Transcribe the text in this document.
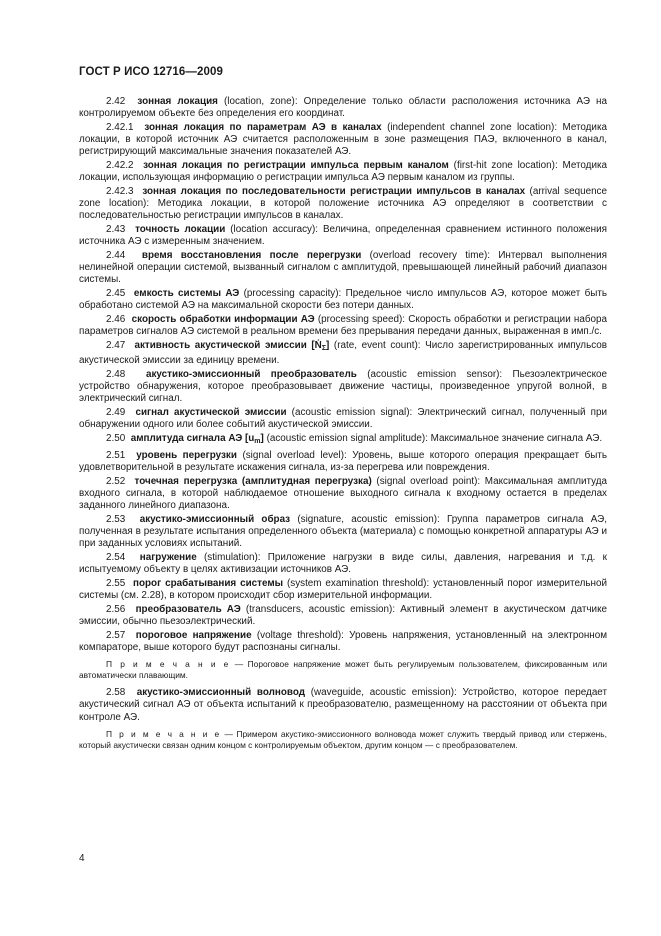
ГОСТ Р ИСО 12716—2009

2.42 зонная локация (location, zone): Определение только области расположения источника АЭ на контролируемом объекте без определения его координат.

2.42.1 зонная локация по параметрам АЭ в каналах (independent channel zone location): Методика локации, в которой источник АЭ считается расположенным в зоне размещения ПАЭ, включенного в канал, регистрирующий максимальные значения показателей АЭ.

2.42.2 зонная локация по регистрации импульса первым каналом (first-hit zone location): Методика локации, использующая информацию о регистрации импульса АЭ первым каналом из группы.

2.42.3 зонная локация по последовательности регистрации импульсов в каналах (arrival sequence zone location): Методика локации, в которой положение источника АЭ определяют в соответствии с последовательностью регистрации импульсов в каналах.

2.43 точность локации (location accuracy): Величина, определенная сравнением истинного положения источника АЭ с измеренным значением.

2.44 время восстановления после перегрузки (overload recovery time): Интервал выполнения нелинейной операции системой, вызванный сигналом с амплитудой, превышающей линейный рабочий диапазон системы.

2.45 емкость системы АЭ (processing capacity): Предельное число импульсов АЭ, которое может быть обработано системой АЭ на максимальной скорости без потери данных.

2.46 скорость обработки информации АЭ (processing speed): Скорость обработки и регистрации набора параметров сигналов АЭ системой в реальном времени без прерывания передачи данных, выраженная в имп./с.

2.47 активность акустической эмиссии [Ṅ$_\Sigma$] (rate, event count): Число зарегистрированных импульсов акустической эмиссии за единицу времени.

2.48 акустико-эмиссионный преобразователь (acoustic emission sensor): Пьезоэлектрическое устройство обнаружения, которое преобразовывает движение частицы, произведенное упругой волной, в электрический сигнал.

2.49 сигнал акустической эмиссии (acoustic emission signal): Электрический сигнал, полученный при обнаружении одного или более событий акустической эмиссии.

2.50 амплитуда сигнала АЭ $[u_m]$ (acoustic emission signal amplitude): Максимальное значение сигнала АЭ.

2.51 уровень перегрузки (signal overload level): Уровень, выше которого операция прекращает быть удовлетворительной в результате искажения сигнала, из-за перегрева или повреждения.

2.52 точечная перегрузка (амплитудная перегрузка) (signal overload point): Максимальная амплитуда входного сигнала, в которой наблюдаемое отношение выходного сигнала к входному остается в пределах заданного линейного диапазона.

2.53 акустико-эмиссионный образ (signature, acoustic emission): Группа параметров сигнала АЭ, полученная в результате испытания определенного объекта (материала) с помощью конкретной аппаратуры АЭ и при заданных условиях испытаний.

2.54 нагружение (stimulation): Приложение нагрузки в виде силы, давления, нагревания и т.д. к испытуемому объекту в целях активизации источников АЭ.

2.55 порог срабатывания системы (system examination threshold): установленный порог измерительной системы (см. 2.28), в котором происходит сбор измерительной информации.

2.56 преобразователь АЭ (transducers, acoustic emission): Активный элемент в акустическом датчике эмиссии, обычно пьезоэлектрический.

2.57 пороговое напряжение (voltage threshold): Уровень напряжения, установленный на электронном компараторе, выше которого будут распознаны сигналы.

П р и м е ч а н и е — Пороговое напряжение может быть регулируемым пользователем, фиксированным или автоматически плавающим.

2.58 акустико-эмиссионный волновод (waveguide, acoustic emission): Устройство, которое передает акустический сигнал АЭ от объекта испытаний к преобразователю, размещенному на расстоянии от объекта при контроле АЭ.

П р и м е ч а н и е — Примером акустико-эмиссионного волновода может служить твердый привод или стержень, который акустически связан одним концом с контролируемым объектом, другим концом — с преобразователем.

4
